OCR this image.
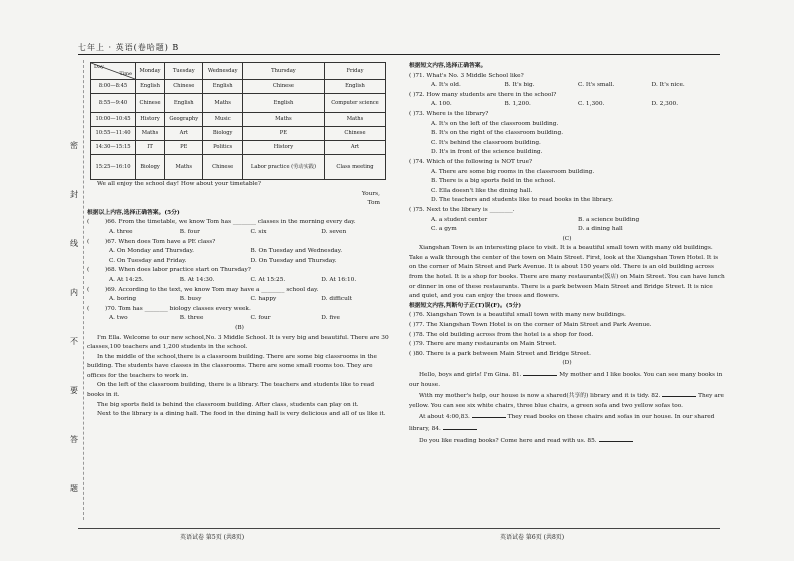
七年上 · 英语(卷哈题) B
密
封
线
内
不
要
答
题
Day
Time	Monday	Tuesday	Wednesday	Thursday	Friday
8:00—8:45	English	Chinese	English	Chinese	English
8:55—9:40	Chinese	English	Maths	English	Computer science
10:00—10:45	History	Geography	Music	Maths	Maths
10:55—11:40	Maths	Art	Biology	PE	Chinese
14:30—15:15	IT	PE	Politics	History	Art
15:25—16:10	Biology	Maths	Chinese	Labor practice (劳动实践)	Class meeting

We all enjoy the school day! How about your timetable?

Yours,

Tom

根据以上内容,选择正确答案。(5分)

(	)66. From the timetable, we know Tom has ________ classes in the morning every day.

A. three	B. four	C. six	D. seven

(	)67. When does Tom have a PE class?

A. On Monday and Thursday.	B. On Tuesday and Wednesday.
C. On Tuesday and Friday.	D. On Tuesday and Thursday.

(	)68. When does labor practice start on Thursday?

A. At 14:25.	B. At 14:30.	C. At 15:25.	D. At 16:10.

(	)69. According to the text, we know Tom may have a ________ school day.

A. boring	B. busy	C. happy	D. difficult

(	)70. Tom has ________ biology classes every week.

A. two	B. three	C. four	D. five

(B)

I'm Ella. Welcome to our new school,No. 3 Middle School. It is very big and beautiful. There are 30 classes,100 teachers and 1,200 students in the school.

In the middle of the school,there is a classroom building. There are some big classrooms in the building. The students have classes in the classrooms. There are some small rooms too. They are offices for the teachers to work in.

On the left of the classroom building, there is a library. The teachers and students like to read books in it.

The big sports field is behind the classroom building. After class, students can play on it.

Next to the library is a dining hall. The food in the dining hall is very delicious and all of us like it.

根据短文内容,选择正确答案。

( )71. What's No. 3 Middle School like?

A. It's old.	B. It's big.	C. It's small.	D. It's nice.

( )72. How many students are there in the school?

A. 100.	B. 1,200.	C. 1,300.	D. 2,300.

( )73. Where is the library?

A. It's on the left of the classroom building.

B. It's on the right of the classroom building.

C. It's behind the classroom building.

D. It's in front of the science building.

( )74. Which of the following is NOT true?

A. There are some big rooms in the classroom building.

B. There is a big sports field in the school.

C. Ella doesn't like the dining hall.

D. The teachers and students like to read books in the library.

( )75. Next to the library is ________.

A. a student center	B. a science building
C. a gym	D. a dining hall

(C)

Xiangshan Town is an interesting place to visit. It is a beautiful small town with many old buildings. Take a walk through the center of the town on Main Street. First, look at the Xiangshan Town Hotel. It is on the corner of Main Street and Park Avenue. It is about 150 years old. There is an old building across from the hotel. It is a shop for books. There are many restaurants(饭店) on Main Street. You can have lunch or dinner in one of these restaurants. There is a park between Main Street and Bridge Street. It is nice and quiet, and you can enjoy the trees and flowers.

根据短文内容,判断句子正(T)误(F)。(5分)

( )76. Xiangshan Town is a beautiful small town with many new buildings.

( )77. The Xiangshan Town Hotel is on the corner of Main Street and Park Avenue.

( )78. The old building across from the hotel is a shop for food.

( )79. There are many restaurants on Main Street.

( )80. There is a park between Main Street and Bridge Street.

(D)

Hello, boys and girls! I'm Gina. 81.	My mother and I like books. You can see many books in our house.

With my mother's help, our house is now a shared(共享的) library and it is tidy. 82.	They are yellow. You can see six white chairs, three blue chairs, a green sofa and two yellow sofas too.

At about 4:00,83.	They read books on these chairs and sofas in our house. In our shared library, 84.

Do you like reading books? Come here and read with us. 85.

英语试卷 第5页 (共8页)	英语试卷 第6页 (共8页)
